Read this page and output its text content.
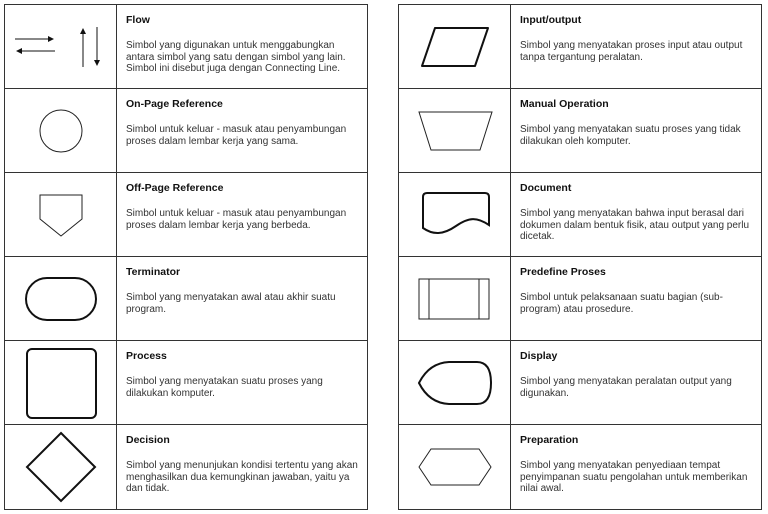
Flow
Simbol yang digunakan untuk menggabungkan antara simbol yang satu dengan simbol yang lain. Simbol ini disebut juga dengan Connecting Line.
On-Page Reference
Simbol untuk keluar - masuk atau penyambungan proses dalam lembar kerja yang sama.
Off-Page Reference
Simbol untuk keluar - masuk atau penyambungan proses dalam lembar kerja yang berbeda.
Terminator
Simbol yang menyatakan awal atau akhir suatu program.
Process
Simbol yang menyatakan suatu proses yang dilakukan komputer.
Decision
Simbol yang menunjukan kondisi tertentu yang akan menghasilkan dua kemungkinan jawaban, yaitu ya dan tidak.
Input/output
Simbol yang menyatakan proses input atau output tanpa tergantung peralatan.
Manual Operation
Simbol yang menyatakan suatu proses yang tidak dilakukan oleh komputer.
Document
Simbol yang menyatakan bahwa input berasal dari dokumen dalam bentuk fisik, atau output yang perlu dicetak.
Predefine Proses
Simbol untuk pelaksanaan suatu bagian (sub-program) atau prosedure.
Display
Simbol yang menyatakan peralatan output yang digunakan.
Preparation
Simbol yang menyatakan penyediaan tempat penyimpanan suatu pengolahan untuk memberikan nilai awal.
